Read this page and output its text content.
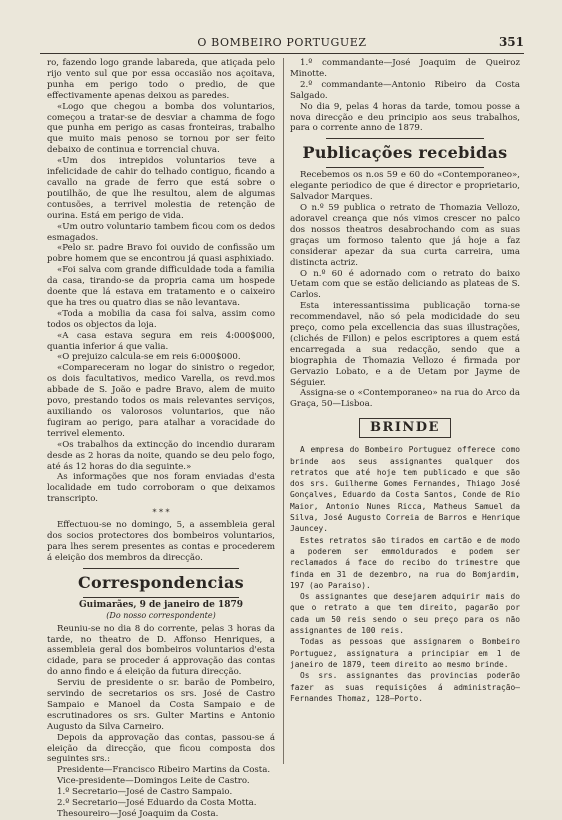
O BOMBEIRO PORTUGUEZ	351

ro, fazendo logo grande labareda, que atiçada pelo rijo vento sul que por essa occasião nos açoitava, punha em perigo todo o predio, de que effectivamente apenas deixou as paredes.

«Logo que chegou a bomba dos voluntarios, começou a tratar-se de desviar a chamma de fogo que punha em perigo as casas fronteiras, trabalho que muito mais penoso se tornou por ser feito debaixo de continua e torrencial chuva.

«Um dos intrepidos voluntarios teve a infelicidade de cahir do telhado contiguo, ficando a cavallo na grade de ferro que está sobre o poutilhão, de que lhe resultou, alem de algumas contusões, a terrivel molestia de retenção de ourina. Está em perigo de vida.

«Um outro voluntario tambem ficou com os dedos esmagados.

«Pelo sr. padre Bravo foi ouvido de confissão um pobre homem que se encontrou já quasi asphixiado.

«Foi salva com grande difficuldade toda a familia da casa, tirando-se da propria cama um hospede doente que lá estava em tratamento e o caixeiro que ha tres ou quatro dias se não levantava.

«Toda a mobilia da casa foi salva, assim como todos os objectos da loja.

«A casa estava segura em reis 4:000$000, quantia inferior á que valia.

«O prejuizo calcula-se em reis 6:000$000.

«Compareceram no logar do sinistro o regedor, os dois facultativos, medico Varella, os revd.mos abbade de S. João e padre Bravo, alem de muito povo, prestando todos os mais relevantes serviços, auxiliando os valorosos voluntarios, que não fugiram ao perigo, para atalhar a voracidade do terrivel elemento.

«Os trabalhos da extincção do incendio duraram desde as 2 horas da noite, quando se deu pelo fogo, até ás 12 horas do dia seguinte.»

As informações que nos foram enviadas d'esta localidade em tudo corroboram o que deixamos transcripto.

* * *

Effectuou-se no domingo, 5, a assembleia geral dos socios protectores dos bombeiros voluntarios, para lhes serem presentes as contas e procederem á eleição dos membros da direcção.

Correspondencias
Guimarães, 9 de janeiro de 1879
(Do nosso correspondente)

Reuniu-se no dia 8 do corrente, pelas 3 horas da tarde, no theatro de D. Affonso Henriques, a assembleia geral dos bombeiros voluntarios d'esta cidade, para se proceder á approvação das contas do anno findo e á eleição da futura direcção.

Serviu de presidente o sr. barão de Pombeiro, servindo de secretarios os srs. José de Castro Sampaio e Manoel da Costa Sampaio e de escrutinadores os srs. Gulter Martins e Antonio Augusto da Silva Carneiro.

Depois da approvação das contas, passou-se á eleição da direcção, que ficou composta dos seguintes srs.:

Presidente—Francisco Ribeiro Martins da Costa.

Vice-presidente—Domingos Leite de Castro.

1.º Secretario—José de Castro Sampaio.

2.º Secretario—José Eduardo da Costa Motta.

Thesoureiro—José Joaquim da Costa.

1.º commandante—José Joaquim de Queiroz Minotte.

2.º commandante—Antonio Ribeiro da Costa Salgado.

No dia 9, pelas 4 horas da tarde, tomou posse a nova direcção e deu principio aos seus trabalhos, para o corrente anno de 1879.

Publicações recebidas

Recebemos os n.os 59 e 60 do «Contemporaneo», elegante periodico de que é director e proprietario, Salvador Marques.

O n.º 59 publica o retrato de Thomazia Vellozo, adoravel creança que nós vimos crescer no palco dos nossos theatros desabrochando com as suas graças um formoso talento que já hoje a faz considerar apezar da sua curta carreira, uma distincta actriz.

O n.º 60 é adornado com o retrato do baixo Uetam com que se estão deliciando as plateas de S. Carlos.

Esta interessantissima publicação torna-se recommendavel, não só pela modicidade do seu preço, como pela excellencia das suas illustrações, (clichés de Fillon) e pelos escriptores a quem está encarregada a sua redacção, sendo que a biographia de Thomazia Vellozo é firmada por Gervazio Lobato, e a de Uetam por Jayme de Séguier.

Assigna-se o «Contemporaneo» na rua do Arco da Graça, 50—Lisboa.

BRINDE

A empresa do Bombeiro Portuguez offerece como brinde aos seus assignantes qualquer dos retratos que até hoje tem publicado e que são dos srs. Guilherme Gomes Fernandes, Thiago José Gonçalves, Eduardo da Costa Santos, Conde de Rio Maior, Antonio Nunes Ricca, Matheus Samuel da Silva, José Augusto Correia de Barros e Henrique Jauncey.

Estes retratos são tirados em cartão e de modo a poderem ser emmoldurados e podem ser reclamados á face do recibo do trimestre que finda em 31 de dezembro, na rua do Bomjardim, 197 (ao Paraiso).

Os assignantes que desejarem adquirir mais do que o retrato a que tem direito, pagarão por cada um 50 reis sendo o seu preço para os não assignantes de 100 reis.

Todas as pessoas que assignarem o Bombeiro Portuguez, assignatura a principiar em 1 de janeiro de 1879, teem direito ao mesmo brinde.

Os srs. assignantes das provincias poderão fazer as suas requisições á administração—Fernandes Thomaz, 128—Porto.
